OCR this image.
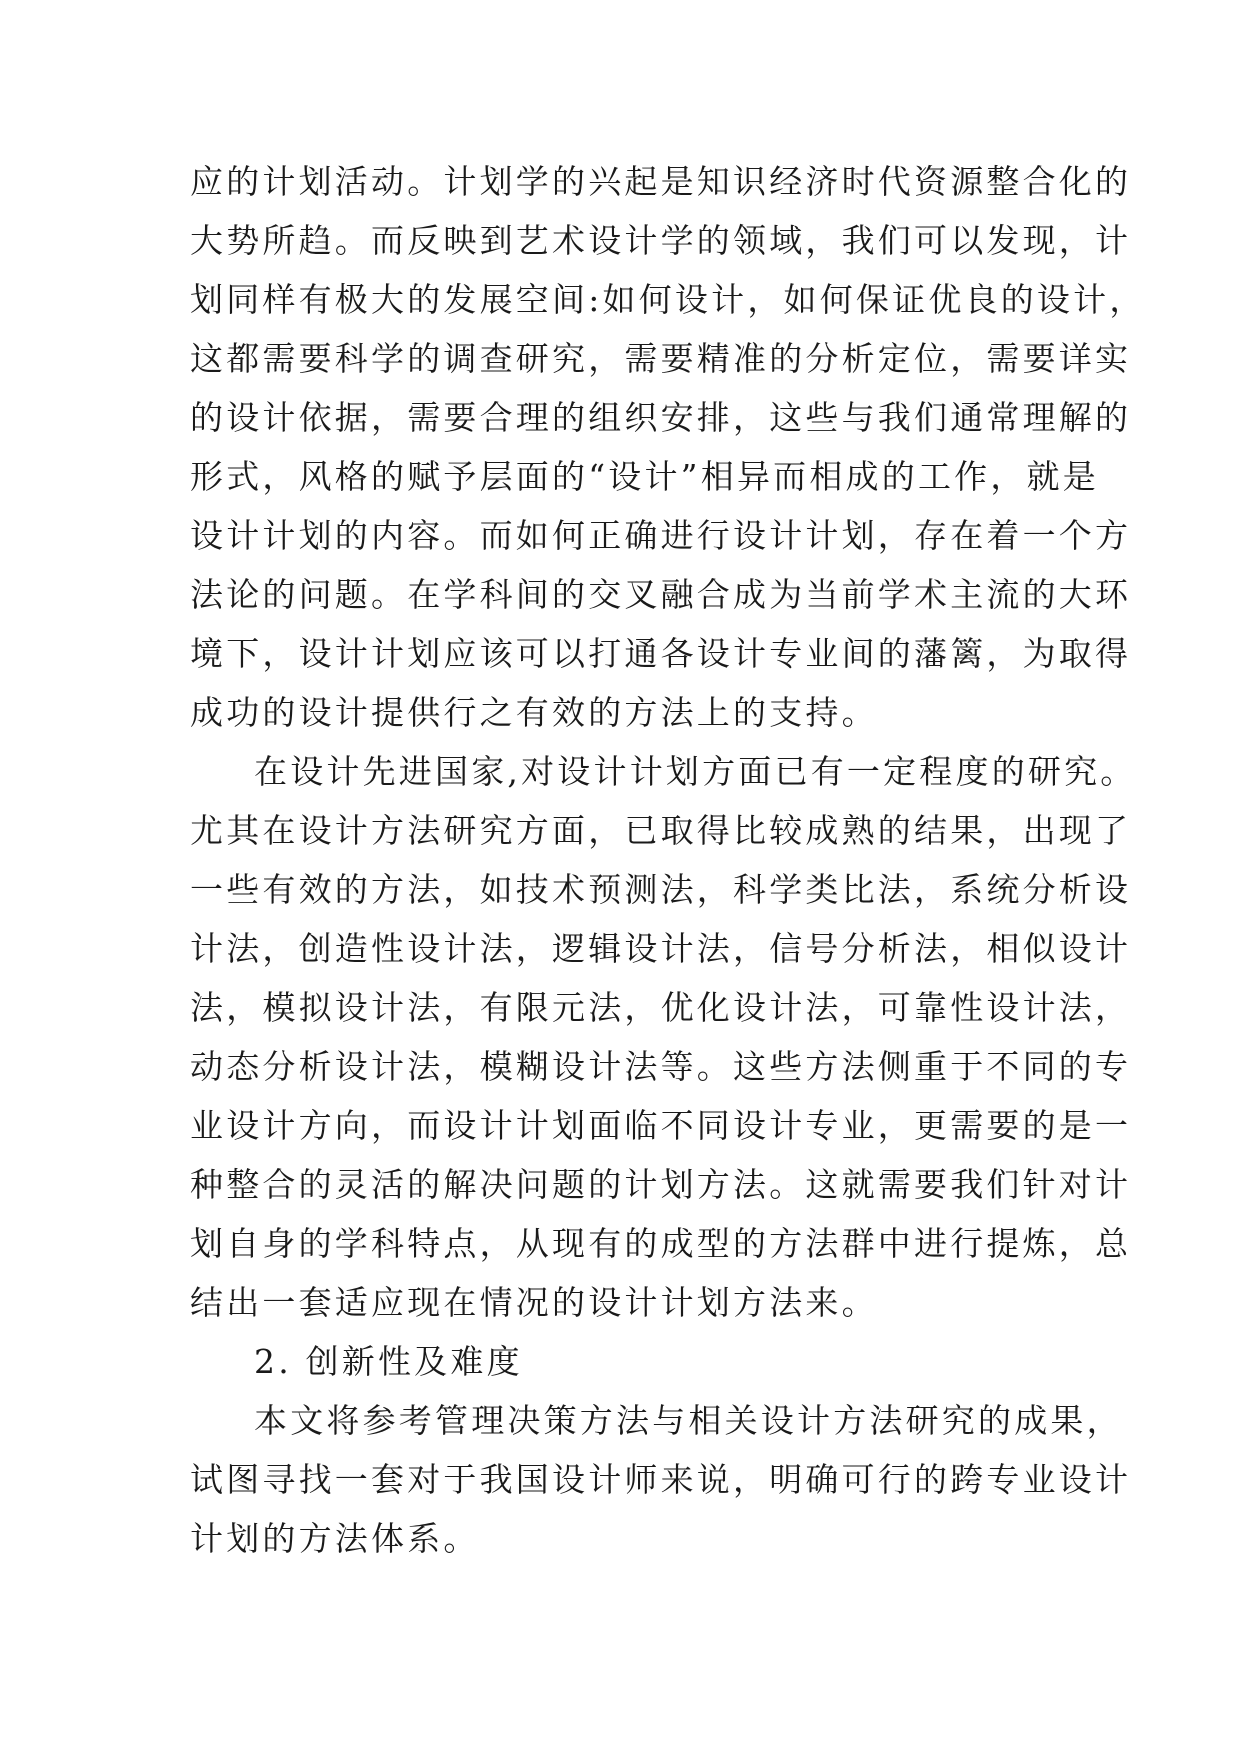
应的计划活动。计划学的兴起是知识经济时代资源整合化的
大势所趋。而反映到艺术设计学的领域，我们可以发现，计
划同样有极大的发展空间:如何设计，如何保证优良的设计，
这都需要科学的调查研究，需要精准的分析定位，需要详实
的设计依据，需要合理的组织安排，这些与我们通常理解的
形式，风格的赋予层面的“设计”相异而相成的工作，就是
设计计划的内容。而如何正确进行设计计划，存在着一个方
法论的问题。在学科间的交叉融合成为当前学术主流的大环
境下，设计计划应该可以打通各设计专业间的藩篱，为取得
成功的设计提供行之有效的方法上的支持。
在设计先进国家,对设计计划方面已有一定程度的研究。
尤其在设计方法研究方面，已取得比较成熟的结果，出现了
一些有效的方法，如技术预测法，科学类比法，系统分析设
计法，创造性设计法，逻辑设计法，信号分析法，相似设计
法，模拟设计法，有限元法，优化设计法，可靠性设计法，
动态分析设计法，模糊设计法等。这些方法侧重于不同的专
业设计方向，而设计计划面临不同设计专业，更需要的是一
种整合的灵活的解决问题的计划方法。这就需要我们针对计
划自身的学科特点，从现有的成型的方法群中进行提炼，总
结出一套适应现在情况的设计计划方法来。
2. 创新性及难度
本文将参考管理决策方法与相关设计方法研究的成果，
试图寻找一套对于我国设计师来说，明确可行的跨专业设计
计划的方法体系。
